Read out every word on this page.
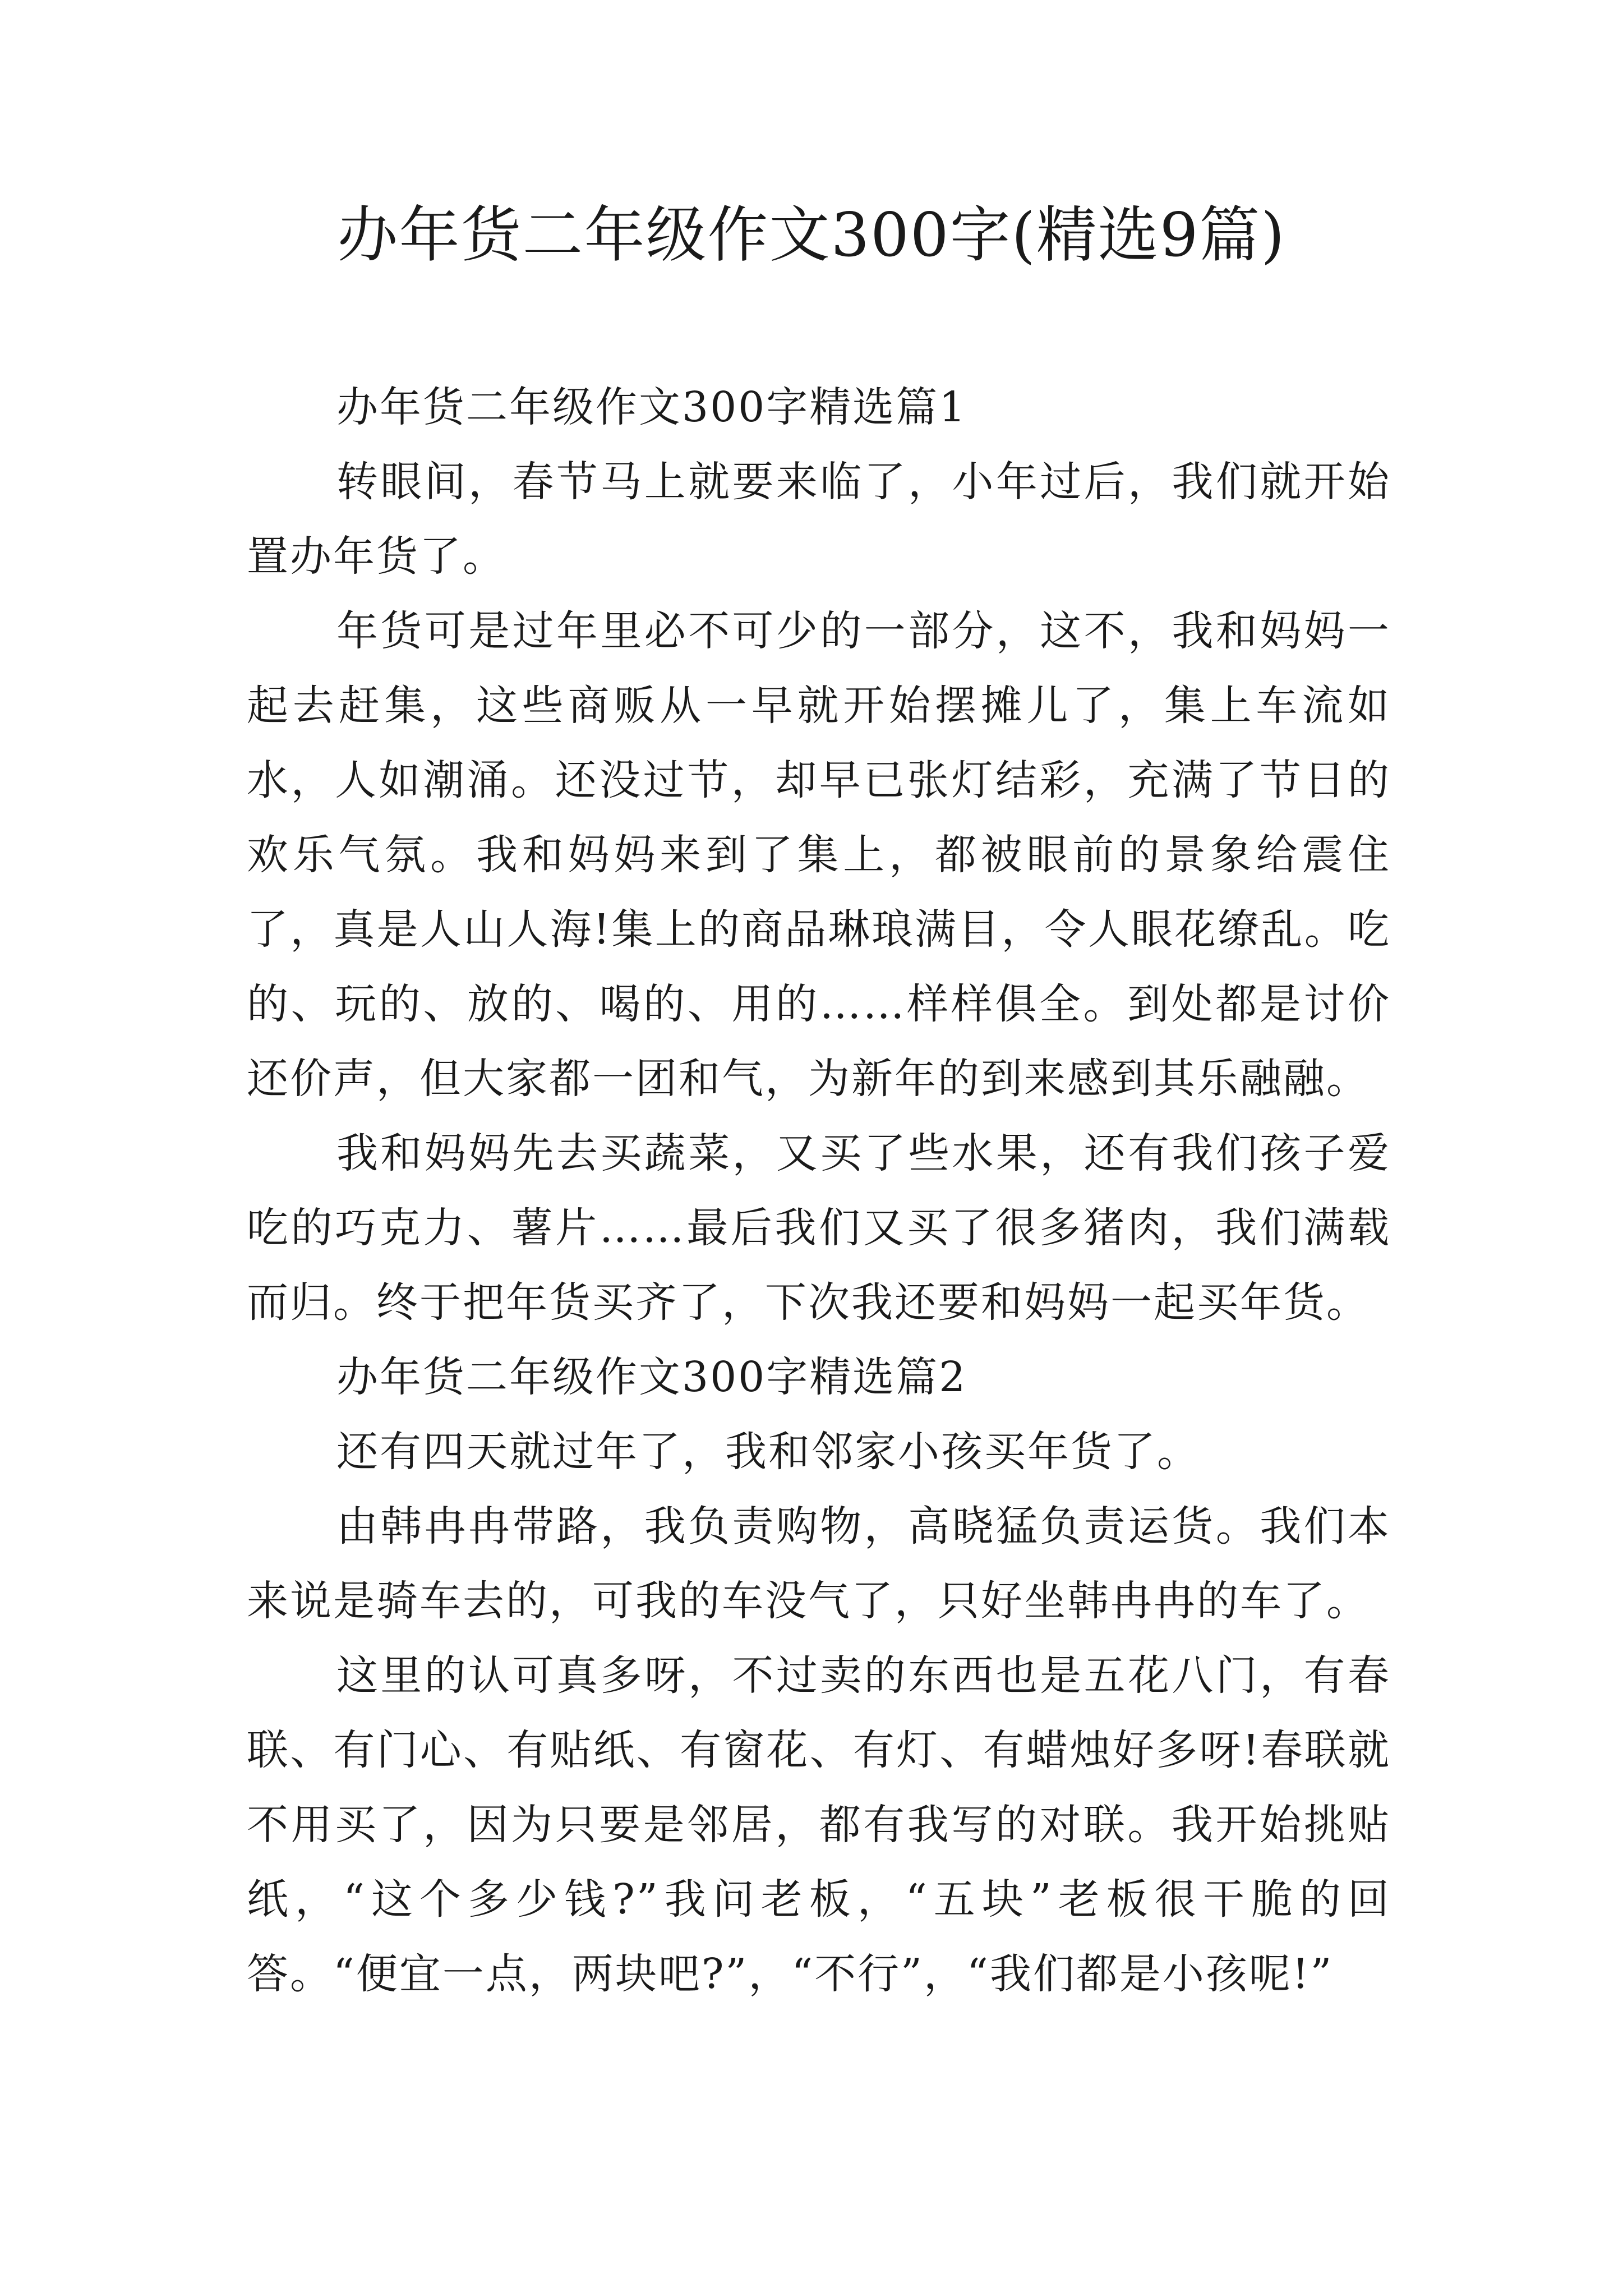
办年货二年级作文300字(精选9篇)

办年货二年级作文300字精选篇1

转眼间，春节马上就要来临了，小年过后，我们就开始置办年货了。

年货可是过年里必不可少的一部分，这不，我和妈妈一起去赶集，这些商贩从一早就开始摆摊儿了，集上车流如水，人如潮涌。还没过节，却早已张灯结彩，充满了节日的欢乐气氛。我和妈妈来到了集上，都被眼前的景象给震住了，真是人山人海!集上的商品琳琅满目，令人眼花缭乱。吃的、玩的、放的、喝的、用的……样样俱全。到处都是讨价还价声，但大家都一团和气，为新年的到来感到其乐融融。

我和妈妈先去买蔬菜，又买了些水果，还有我们孩子爱吃的巧克力、薯片……最后我们又买了很多猪肉，我们满载而归。终于把年货买齐了，下次我还要和妈妈一起买年货。

办年货二年级作文300字精选篇2

还有四天就过年了，我和邻家小孩买年货了。

由韩冉冉带路，我负责购物，高晓猛负责运货。我们本来说是骑车去的，可我的车没气了，只好坐韩冉冉的车了。

这里的认可真多呀，不过卖的东西也是五花八门，有春联、有门心、有贴纸、有窗花、有灯、有蜡烛好多呀!春联就不用买了，因为只要是邻居，都有我写的对联。我开始挑贴纸，“这个多少钱?”我问老板，“五块”老板很干脆的回答。“便宜一点，两块吧?”，“不行”，“我们都是小孩呢!”
